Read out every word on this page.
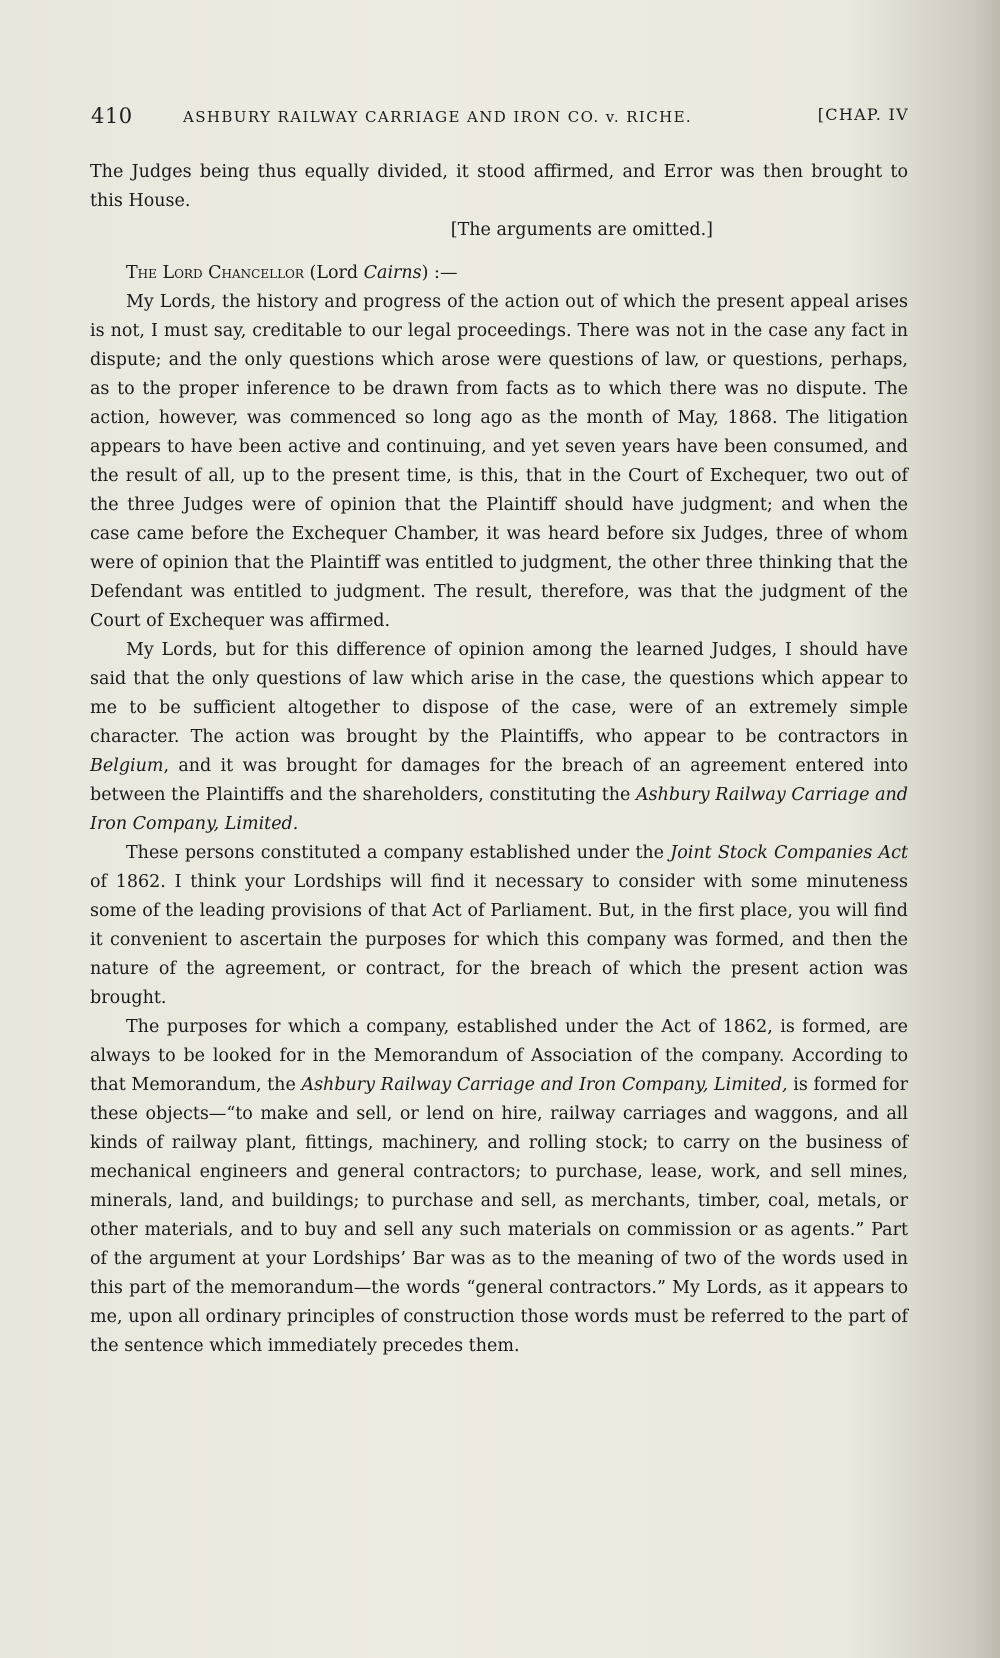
410	ASHBURY RAILWAY CARRIAGE AND IRON CO. v. RICHE.	[CHAP. IV

The Judges being thus equally divided, it stood affirmed, and Error was then brought to this House.

[The arguments are omitted.]

The Lord Chancellor (Lord Cairns) :—

My Lords, the history and progress of the action out of which the present appeal arises is not, I must say, creditable to our legal proceedings. There was not in the case any fact in dispute; and the only questions which arose were questions of law, or questions, perhaps, as to the proper inference to be drawn from facts as to which there was no dispute. The action, however, was commenced so long ago as the month of May, 1868. The litigation appears to have been active and continuing, and yet seven years have been consumed, and the result of all, up to the present time, is this, that in the Court of Exchequer, two out of the three Judges were of opinion that the Plaintiff should have judgment; and when the case came before the Exchequer Chamber, it was heard before six Judges, three of whom were of opinion that the Plaintiff was entitled to judgment, the other three thinking that the Defendant was entitled to judgment. The result, therefore, was that the judgment of the Court of Exchequer was affirmed.

My Lords, but for this difference of opinion among the learned Judges, I should have said that the only questions of law which arise in the case, the questions which appear to me to be sufficient altogether to dispose of the case, were of an extremely simple character. The action was brought by the Plaintiffs, who appear to be contractors in Belgium, and it was brought for damages for the breach of an agreement entered into between the Plaintiffs and the shareholders, constituting the Ashbury Railway Carriage and Iron Company, Limited.

These persons constituted a company established under the Joint Stock Companies Act of 1862. I think your Lordships will find it necessary to consider with some minuteness some of the leading provisions of that Act of Parliament. But, in the first place, you will find it convenient to ascertain the purposes for which this company was formed, and then the nature of the agreement, or contract, for the breach of which the present action was brought.

The purposes for which a company, established under the Act of 1862, is formed, are always to be looked for in the Memorandum of Association of the company. According to that Memorandum, the Ashbury Railway Carriage and Iron Company, Limited, is formed for these objects—“to make and sell, or lend on hire, railway carriages and waggons, and all kinds of railway plant, fittings, machinery, and rolling stock; to carry on the business of mechanical engineers and general contractors; to purchase, lease, work, and sell mines, minerals, land, and buildings; to purchase and sell, as merchants, timber, coal, metals, or other materials, and to buy and sell any such materials on commission or as agents.” Part of the argument at your Lordships’ Bar was as to the meaning of two of the words used in this part of the memorandum—the words “general contractors.” My Lords, as it appears to me, upon all ordinary principles of construction those words must be referred to the part of the sentence which immediately precedes them.
